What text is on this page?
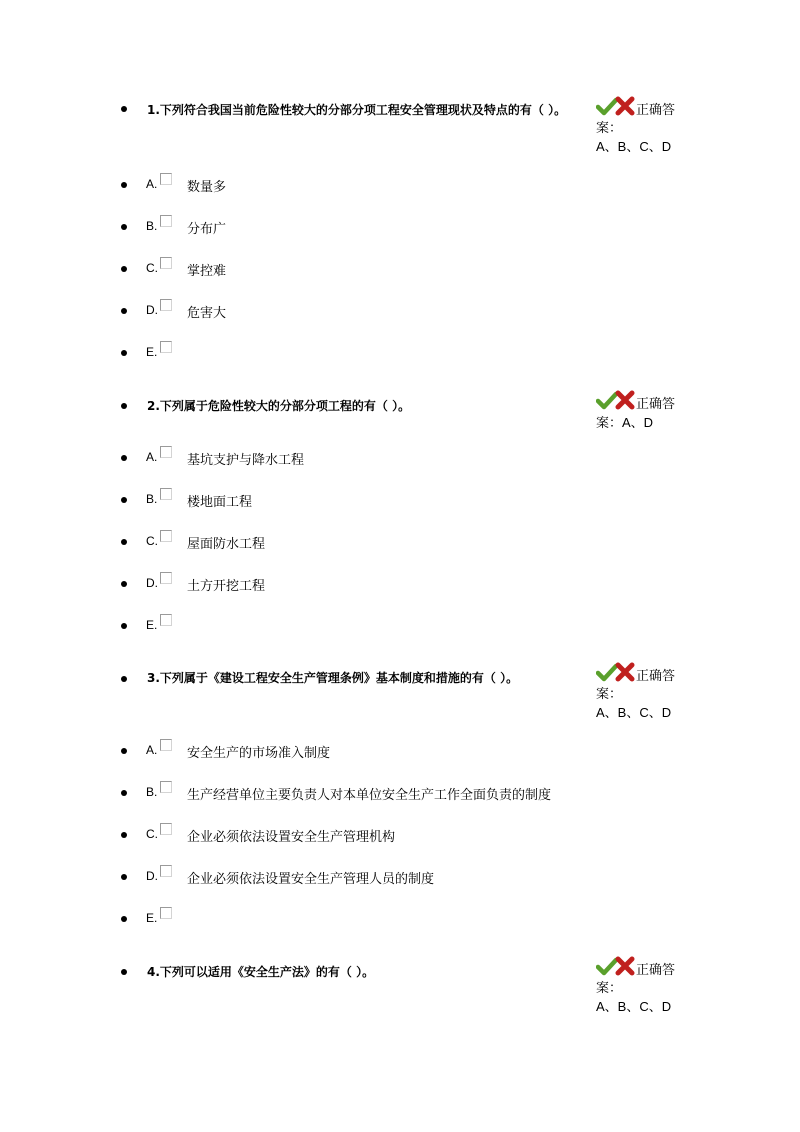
1.下列符合我国当前危险性较大的分部分项工程安全管理现状及特点的有（ ）。	正确答
案：
A、B、C、D
A. 数量多
B. 分布广
C. 掌控难
D. 危害大
E.
2.下列属于危险性较大的分部分项工程的有（ ）。	正确答
案：A、D
A. 基坑支护与降水工程
B. 楼地面工程
C. 屋面防水工程
D. 土方开挖工程
E.
3.下列属于《建设工程安全生产管理条例》基本制度和措施的有（ ）。	正确答
案：
A、B、C、D
A. 安全生产的市场准入制度
B. 生产经营单位主要负责人对本单位安全生产工作全面负责的制度
C. 企业必须依法设置安全生产管理机构
D. 企业必须依法设置安全生产管理人员的制度
E.
4.下列可以适用《安全生产法》的有（ ）。	正确答
案：
A、B、C、D
